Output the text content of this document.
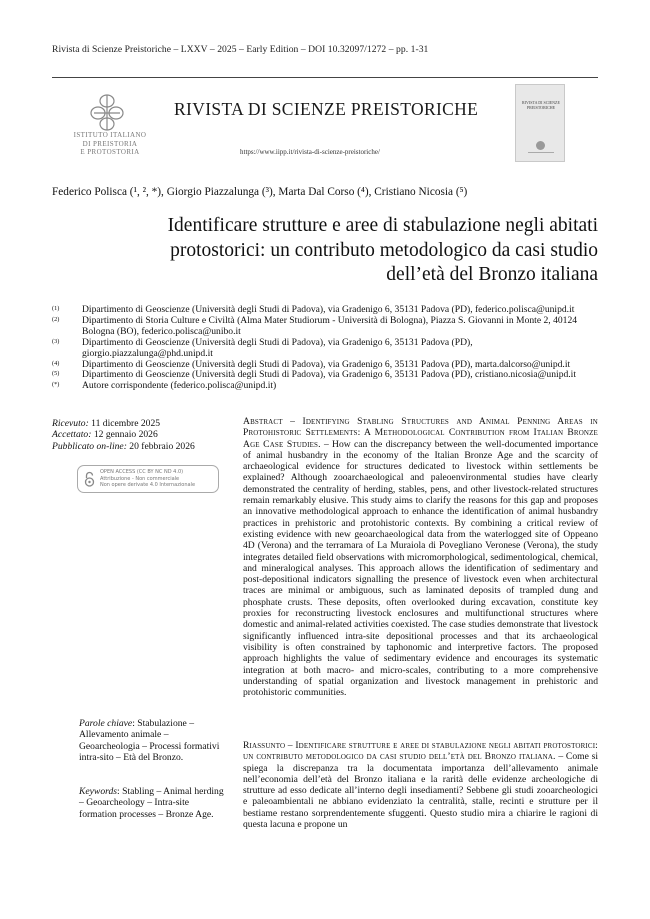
Rivista di Scienze Preistoriche – LXXV – 2025 – Early Edition – DOI 10.32097/1272 – pp. 1-31
ISTITUTO ITALIANO
DI PREISTORIA
E PROTOSTORIA
RIVISTA DI SCIENZE PREISTORICHE
https://www.iipp.it/rivista-di-scienze-preistoriche/
RIVISTA DI SCIENZE
PREISTORICHE
Federico Polisca (¹, ², *), Giorgio Piazzalunga (³), Marta Dal Corso (⁴), Cristiano Nicosia (⁵)
Identificare strutture e aree di stabulazione negli abitati protostorici: un contributo metodologico da casi studio dell’età del Bronzo italiana
(1) Dipartimento di Geoscienze (Università degli Studi di Padova), via Gradenigo 6, 35131 Padova (PD), federico.polisca@unipd.it
(2) Dipartimento di Storia Culture e Civiltà (Alma Mater Studiorum - Università di Bologna), Piazza S. Giovanni in Monte 2, 40124 Bologna (BO), federico.polisca@unibo.it
(3) Dipartimento di Geoscienze (Università degli Studi di Padova), via Gradenigo 6, 35131 Padova (PD), giorgio.piazzalunga@phd.unipd.it
(4) Dipartimento di Geoscienze (Università degli Studi di Padova), via Gradenigo 6, 35131 Padova (PD), marta.dalcorso@unipd.it
(5) Dipartimento di Geoscienze (Università degli Studi di Padova), via Gradenigo 6, 35131 Padova (PD), cristiano.nicosia@unipd.it
(*) Autore corrispondente (federico.polisca@unipd.it)
Ricevuto: 11 dicembre 2025
Accettato: 12 gennaio 2026
Pubblicato on-line: 20 febbraio 2026
OPEN ACCESS (CC BY NC ND 4.0)
Attribuzione - Non commerciale
Non opere derivate 4.0 Internazionale
Parole chiave: Stabulazione – Allevamento animale – Geoarcheologia – Processi formativi intra-sito – Età del Bronzo.
Keywords: Stabling – Animal herding – Geoarcheology – Intra-site formation processes – Bronze Age.
Abstract – Identifying Stabling Structures and Animal Penning Areas in Protohistoric Settlements: A Methodological Contribution from Italian Bronze Age Case Studies. – How can the discrepancy between the well-documented importance of animal husbandry in the economy of the Italian Bronze Age and the scarcity of archaeological evidence for structures dedicated to livestock within settlements be explained? Although zooarchaeological and paleoenvironmental studies have clearly demonstrated the centrality of herding, stables, pens, and other livestock-related structures remain remarkably elusive. This study aims to clarify the reasons for this gap and proposes an innovative methodological approach to enhance the identification of animal husbandry practices in prehistoric and protohistoric contexts. By combining a critical review of existing evidence with new geoarchaeological data from the waterlogged site of Oppeano 4D (Verona) and the terramara of La Muraiola di Povegliano Veronese (Verona), the study integrates detailed field observations with micromorphological, sedimentological, chemical, and mineralogical analyses. This approach allows the identification of sedimentary and post-depositional indicators signalling the presence of livestock even when architectural traces are minimal or ambiguous, such as laminated deposits of trampled dung and phosphate crusts. These deposits, often overlooked during excavation, constitute key proxies for reconstructing livestock enclosures and multifunctional structures where domestic and animal-related activities coexisted. The case studies demonstrate that livestock significantly influenced intra-site depositional processes and that its archaeological visibility is often constrained by taphonomic and interpretive factors. The proposed approach highlights the value of sedimentary evidence and encourages its systematic integration at both macro- and micro-scales, contributing to a more comprehensive understanding of spatial organization and livestock management in prehistoric and protohistoric communities.
Riassunto – Identificare strutture e aree di stabulazione negli abitati protostorici: un contributo metodologico da casi studio dell’età del Bronzo italiana. – Come si spiega la discrepanza tra la documentata importanza dell’allevamento animale nell’economia dell’età del Bronzo italiana e la rarità delle evidenze archeologiche di strutture ad esso dedicate all’interno degli insediamenti? Sebbene gli studi zooarcheologici e paleoambientali ne abbiano evidenziato la centralità, stalle, recinti e strutture per il bestiame restano sorprendentemente sfuggenti. Questo studio mira a chiarire le ragioni di questa lacuna e propone un
